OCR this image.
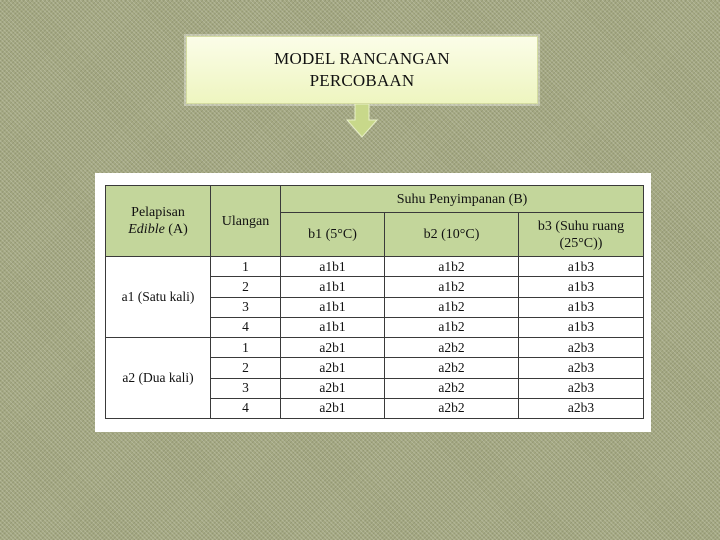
MODEL RANCANGAN
PERCOBAAN
Pelapisan
Edible (A)	Ulangan	Suhu Penyimpanan (B)		
		b1 (5°C)	b2 (10°C)	b3 (Suhu ruang (25°C))
a1 (Satu kali)	1	a1b1	a1b2	a1b3
	2	a1b1	a1b2	a1b3
	3	a1b1	a1b2	a1b3
	4	a1b1	a1b2	a1b3
a2 (Dua kali)	1	a2b1	a2b2	a2b3
	2	a2b1	a2b2	a2b3
	3	a2b1	a2b2	a2b3
	4	a2b1	a2b2	a2b3
